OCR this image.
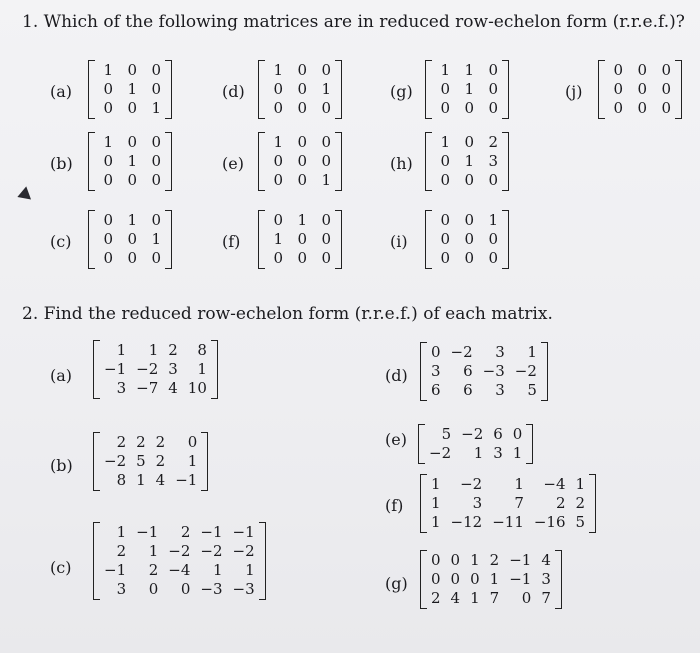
1. Which of the following matrices are in reduced row-echelon form (r.r.e.f.)?
2. Find the reduced row-echelon form (r.r.e.f.) of each matrix.
(a)
(b)
(c)
(d)
(e)
(f)
(g)
(h)
(i)
(j)
1 0 0
0 1 0
0 0 1
1 0 0
0 1 0
0 0 0
0 1 0
0 0 1
0 0 0
1 0 0
0 0 1
0 0 0
1 0 0
0 0 0
0 0 1
0 1 0
1 0 0
0 0 0
1 1 0
0 1 0
0 0 0
1 0 2
0 1 3
0 0 0
0 0 1
0 0 0
0 0 0
0 0 0
0 0 0
0 0 0
(a)
(b)
(c)
(d)
(e)
(f)
(g)
1	1 2	8
−1 −2 3	1
3 −7 4 10
2 2 2	0
−2 5 2	1
8 1 4 −1
1 −1	2 −1 −1
2	1 −2 −2 −2
−1	2 −4	1	1
3	0	0 −3 −3
0 −2	3	1
3	6 −3 −2
6	6	3	5
5 −2 6 0
−2	1 3 1
1	−2	1	−4 1
1	3	7	2 2
1 −12 −11 −16 5
0 0 1 2 −1 4
0 0 0 1 −1 3
2 4 1 7	0 7
